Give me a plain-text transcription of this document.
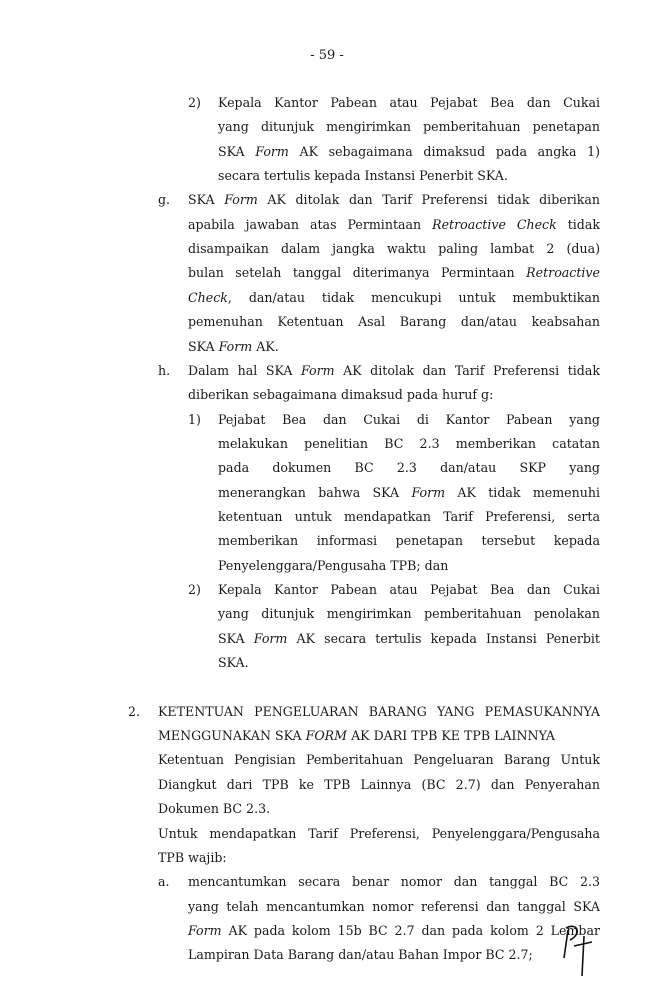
- 59 -
2) Kepala Kantor Pabean atau Pejabat Bea dan Cukai
yang ditunjuk mengirimkan pemberitahuan penetapan
SKA Form AK sebagaimana dimaksud pada angka 1)
secara tertulis kepada Instansi Penerbit SKA.
g. SKA Form AK ditolak dan Tarif Preferensi tidak diberikan
apabila jawaban atas Permintaan Retroactive Check tidak
disampaikan dalam jangka waktu paling lambat 2 (dua)
bulan setelah tanggal diterimanya Permintaan Retroactive
Check, dan/atau tidak mencukupi untuk membuktikan
pemenuhan Ketentuan Asal Barang dan/atau keabsahan
SKA Form AK.
h. Dalam hal SKA Form AK ditolak dan Tarif Preferensi tidak
diberikan sebagaimana dimaksud pada huruf g:
1) Pejabat Bea dan Cukai di Kantor Pabean yang
melakukan penelitian BC 2.3 memberikan catatan
pada dokumen BC 2.3 dan/atau SKP yang
menerangkan bahwa SKA Form AK tidak memenuhi
ketentuan untuk mendapatkan Tarif Preferensi, serta
memberikan informasi penetapan tersebut kepada
Penyelenggara/Pengusaha TPB; dan
2) Kepala Kantor Pabean atau Pejabat Bea dan Cukai
yang ditunjuk mengirimkan pemberitahuan penolakan
SKA Form AK secara tertulis kepada Instansi Penerbit
SKA.
2. KETENTUAN PENGELUARAN BARANG YANG PEMASUKANNYA
MENGGUNAKAN SKA FORM AK DARI TPB KE TPB LAINNYA
Ketentuan Pengisian Pemberitahuan Pengeluaran Barang Untuk
Diangkut dari TPB ke TPB Lainnya (BC 2.7) dan Penyerahan
Dokumen BC 2.3.
Untuk mendapatkan Tarif Preferensi, Penyelenggara/Pengusaha
TPB wajib:
a. mencantumkan secara benar nomor dan tanggal BC 2.3
yang telah mencantumkan nomor referensi dan tanggal SKA
Form AK pada kolom 15b BC 2.7 dan pada kolom 2 Lembar
Lampiran Data Barang dan/atau Bahan Impor BC 2.7;
